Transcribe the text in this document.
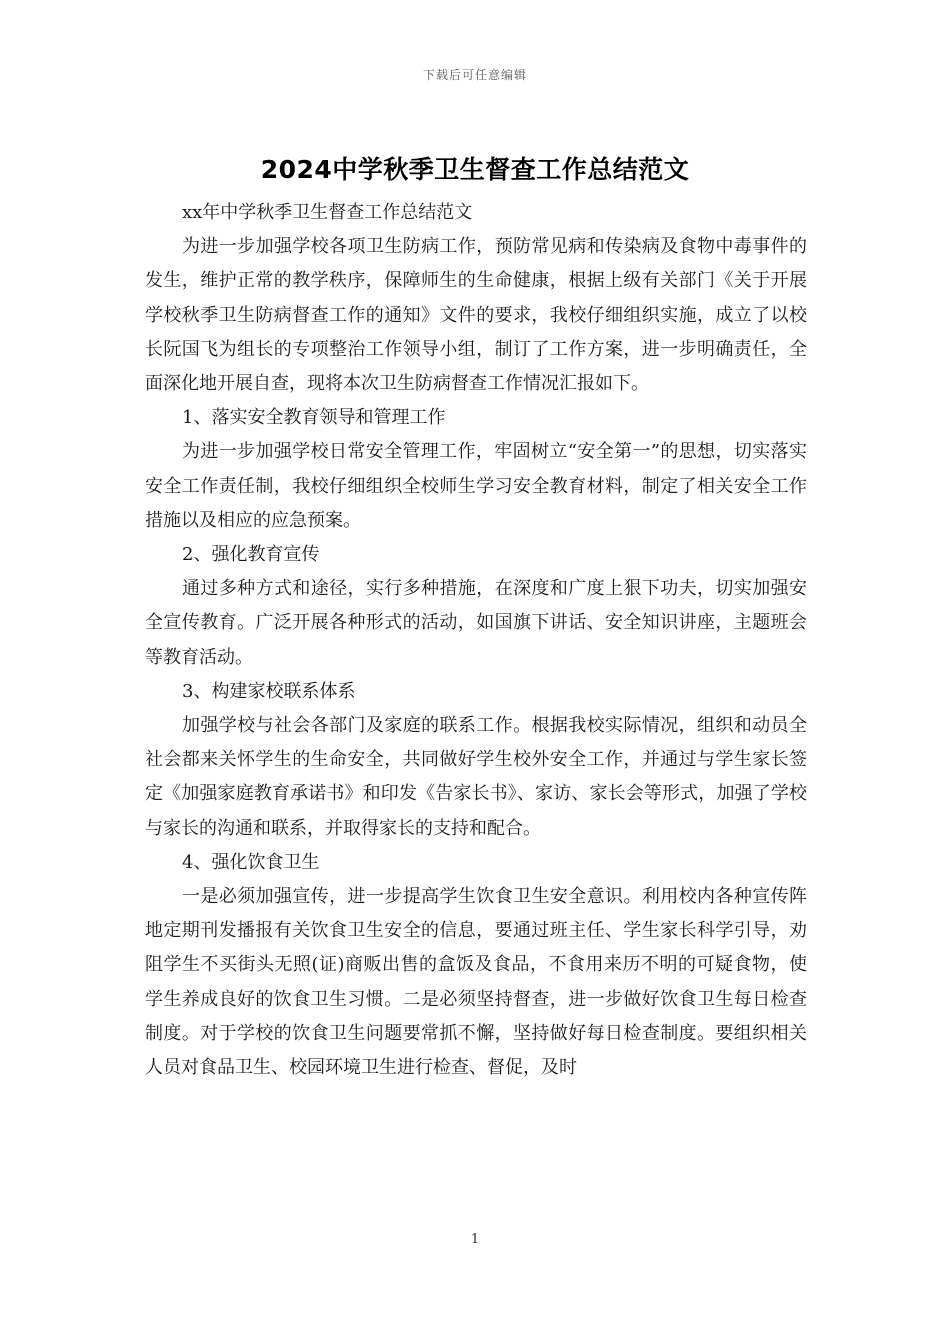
下载后可任意编辑
2024中学秋季卫生督查工作总结范文

xx年中学秋季卫生督查工作总结范文

为进一步加强学校各项卫生防病工作，预防常见病和传染病及食物中毒事件的发生，维护正常的教学秩序，保障师生的生命健康，根据上级有关部门《关于开展学校秋季卫生防病督查工作的通知》文件的要求，我校仔细组织实施，成立了以校长阮国飞为组长的专项整治工作领导小组，制订了工作方案，进一步明确责任，全面深化地开展自查，现将本次卫生防病督查工作情况汇报如下。

1、落实安全教育领导和管理工作

为进一步加强学校日常安全管理工作，牢固树立“安全第一”的思想，切实落实安全工作责任制，我校仔细组织全校师生学习安全教育材料，制定了相关安全工作措施以及相应的应急预案。

2、强化教育宣传

通过多种方式和途径，实行多种措施，在深度和广度上狠下功夫，切实加强安全宣传教育。广泛开展各种形式的活动，如国旗下讲话、安全知识讲座，主题班会等教育活动。

3、构建家校联系体系

加强学校与社会各部门及家庭的联系工作。根据我校实际情况，组织和动员全社会都来关怀学生的生命安全，共同做好学生校外安全工作，并通过与学生家长签定《加强家庭教育承诺书》和印发《告家长书》、家访、家长会等形式，加强了学校与家长的沟通和联系，并取得家长的支持和配合。

4、强化饮食卫生

一是必须加强宣传，进一步提高学生饮食卫生安全意识。利用校内各种宣传阵地定期刊发播报有关饮食卫生安全的信息，要通过班主任、学生家长科学引导，劝阻学生不买街头无照(证)商贩出售的盒饭及食品，不食用来历不明的可疑食物，使学生养成良好的饮食卫生习惯。二是必须坚持督查，进一步做好饮食卫生每日检查制度。对于学校的饮食卫生问题要常抓不懈，坚持做好每日检查制度。要组织相关人员对食品卫生、校园环境卫生进行检查、督促，及时

1
